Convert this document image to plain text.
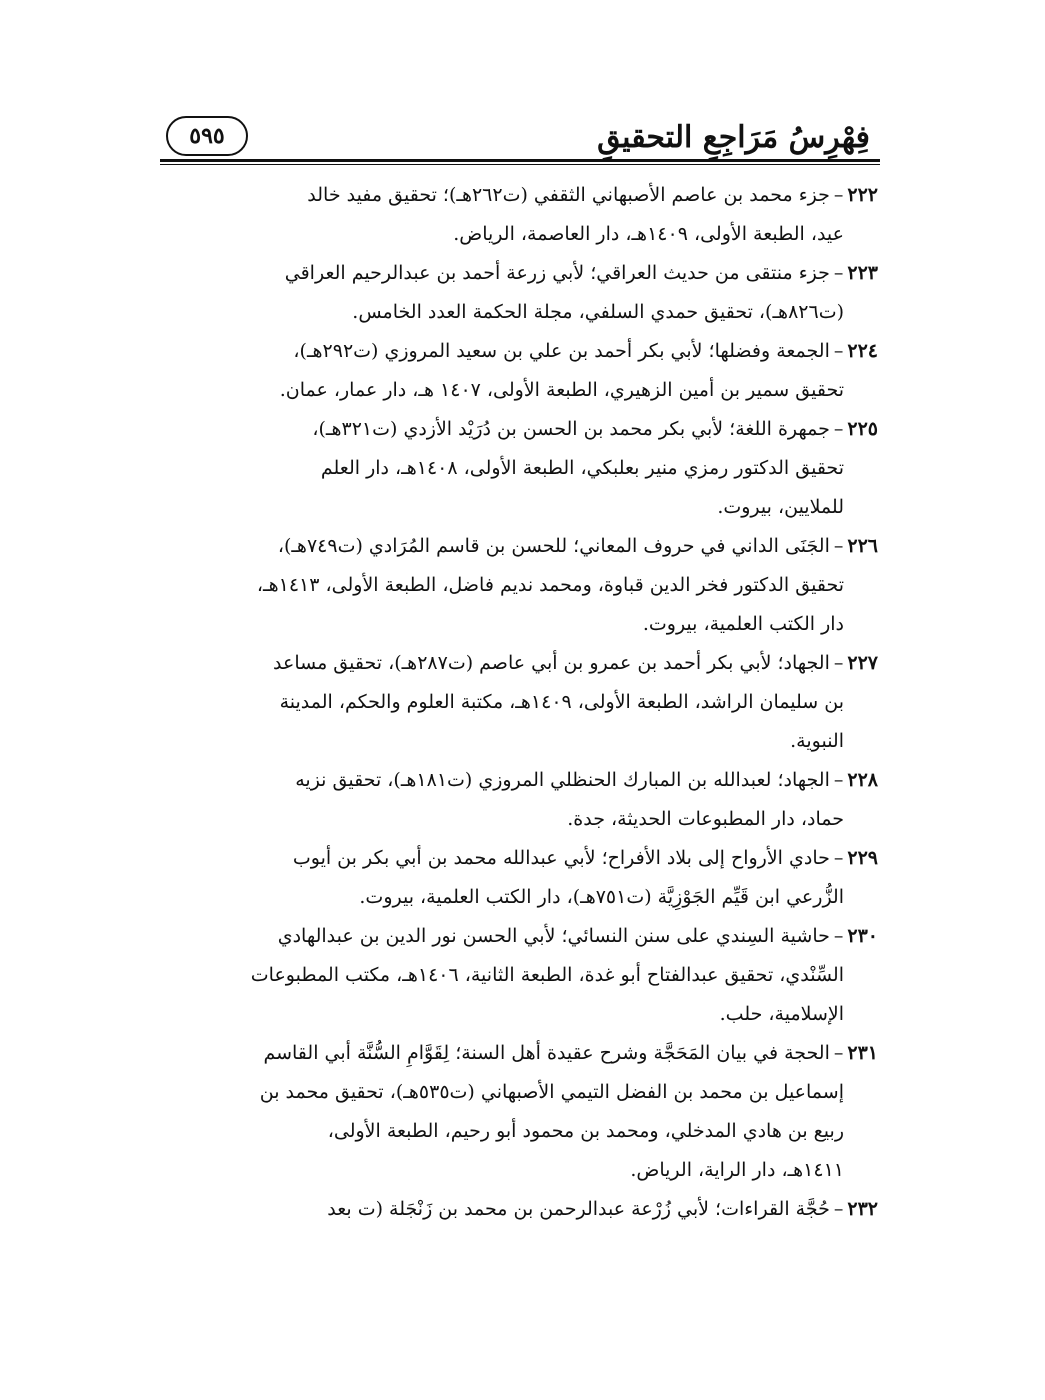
فِهْرِسُ مَرَاجِعِ التحقيقِ
٥٩٥

٢٢٢–جزء محمد بن عاصم الأصبهاني الثقفي (ت٢٦٢هـ)؛ تحقيق مفيد خالد

عيد، الطبعة الأولى، ١٤٠٩هـ، دار العاصمة، الرياض.

٢٢٣–جزء منتقى من حديث العراقي؛ لأبي زرعة أحمد بن عبدالرحيم العراقي

(ت٨٢٦هـ)، تحقيق حمدي السلفي، مجلة الحكمة العدد الخامس.

٢٢٤–الجمعة وفضلها؛ لأبي بكر أحمد بن علي بن سعيد المروزي (ت٢٩٢هـ)،

تحقيق سمير بن أمين الزهيري، الطبعة الأولى، ١٤٠٧ هـ، دار عمار، عمان.

٢٢٥–جمهرة اللغة؛ لأبي بكر محمد بن الحسن بن دُرَيْد الأزدي (ت٣٢١هـ)،

تحقيق الدكتور رمزي منير بعلبكي، الطبعة الأولى، ١٤٠٨هـ، دار العلم

للملايين، بيروت.

٢٢٦–الجَنَى الداني في حروف المعاني؛ للحسن بن قاسم المُرَادي (ت٧٤٩هـ)،

تحقيق الدكتور فخر الدين قباوة، ومحمد نديم فاضل، الطبعة الأولى، ١٤١٣هـ،

دار الكتب العلمية، بيروت.

٢٢٧–الجهاد؛ لأبي بكر أحمد بن عمرو بن أبي عاصم (ت٢٨٧هـ)، تحقيق مساعد

بن سليمان الراشد، الطبعة الأولى، ١٤٠٩هـ، مكتبة العلوم والحكم، المدينة

النبوية.

٢٢٨–الجهاد؛ لعبدالله بن المبارك الحنظلي المروزي (ت١٨١هـ)، تحقيق نزيه

حماد، دار المطبوعات الحديثة، جدة.

٢٢٩–حادي الأرواح إلى بلاد الأفراح؛ لأبي عبدالله محمد بن أبي بكر بن أيوب

الزُّرعي ابن قَيِّم الجَوْزِيَّة (ت٧٥١هـ)، دار الكتب العلمية، بيروت.

٢٣٠–حاشية السِندي على سنن النسائي؛ لأبي الحسن نور الدين بن عبدالهادي

السِّنْدي، تحقيق عبدالفتاح أبو غدة، الطبعة الثانية، ١٤٠٦هـ، مكتب المطبوعات

الإسلامية، حلب.

٢٣١–الحجة في بيان المَحَجَّة وشرح عقيدة أهل السنة؛ لِقَوَّامِ السُّنَّة أبي القاسم

إسماعيل بن محمد بن الفضل التيمي الأصبهاني (ت٥٣٥هـ)، تحقيق محمد بن

ربيع بن هادي المدخلي، ومحمد بن محمود أبو رحيم، الطبعة الأولى،

١٤١١هـ، دار الراية، الرياض.

٢٣٢–حُجَّة القراءات؛ لأبي زُرْعة عبدالرحمن بن محمد بن زَنْجَلة (ت بعد
